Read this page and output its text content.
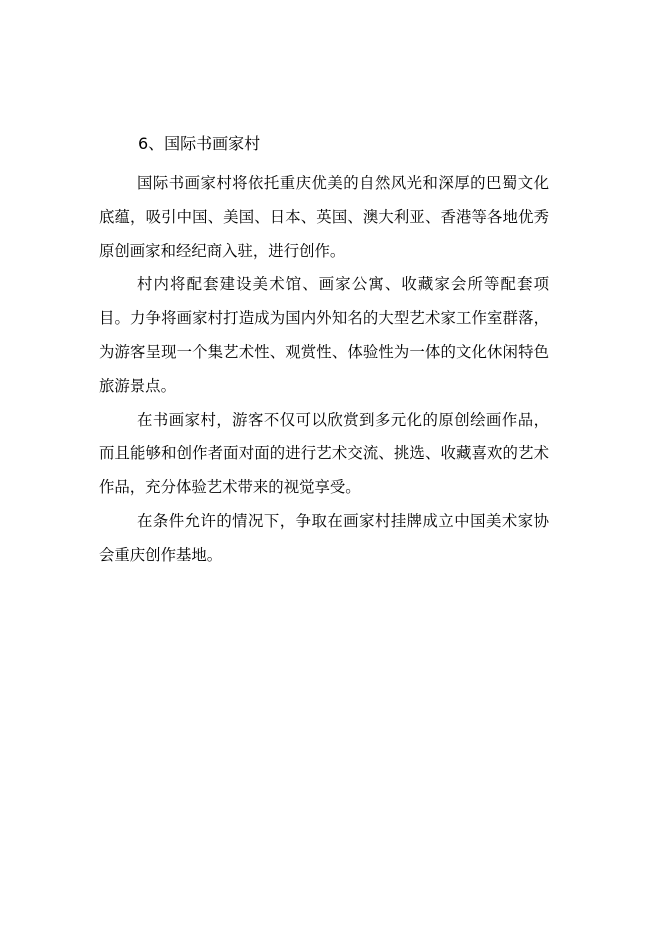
6、国际书画家村

国际书画家村将依托重庆优美的自然风光和深厚的巴蜀文化底蕴，吸引中国、美国、日本、英国、澳大利亚、香港等各地优秀原创画家和经纪商入驻，进行创作。

村内将配套建设美术馆、画家公寓、收藏家会所等配套项目。力争将画家村打造成为国内外知名的大型艺术家工作室群落，为游客呈现一个集艺术性、观赏性、体验性为一体的文化休闲特色旅游景点。

在书画家村，游客不仅可以欣赏到多元化的原创绘画作品，而且能够和创作者面对面的进行艺术交流、挑选、收藏喜欢的艺术作品，充分体验艺术带来的视觉享受。

在条件允许的情况下，争取在画家村挂牌成立中国美术家协会重庆创作基地。
